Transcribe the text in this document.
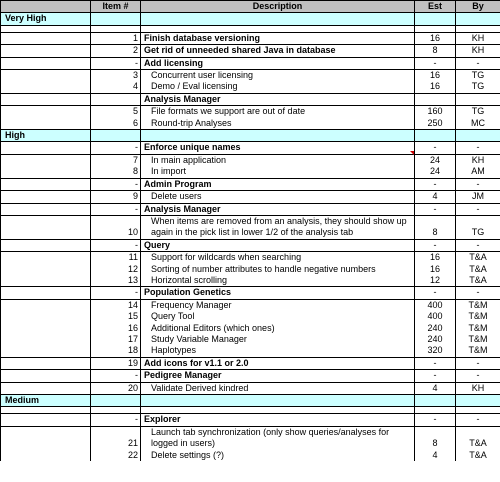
	Item #	Description	Est	By
Very High				

	1	Finish database versioning	16	KH
	2	Get rid of unneeded shared Java in database	8	KH
	-	Add licensing	-	-
	3	Concurrent user licensing	16	TG
	4	Demo / Eval licensing	16	TG
		Analysis Manager		
	5	File formats we support are out of date	160	TG
	6	Round-trip Analyses	250	MC
High				
	-	Enforce unique names	-	-
	7	In main application	24	KH
	8	In import	24	AM
	-	Admin Program	-	-
	9	Delete users	4	JM
	-	Analysis Manager	-	-
	10	When items are removed from an analysis, they should show up again in the pick list in lower 1/2 of the analysis tab	8	TG
	-	Query	-	-
	11	Support for wildcards when searching	16	T&A
	12	Sorting of number attributes to handle negative numbers	16	T&A
	13	Horizontal scrolling	12	T&A
	-	Population Genetics	-	-
	14	Frequency Manager	400	T&M
	15	Query Tool	400	T&M
	16	Additional Editors (which ones)	240	T&M
	17	Study Variable Manager	240	T&M
	18	Haplotypes	320	T&M
	19	Add icons for v1.1 or 2.0	-	-
	-	Pedigree Manager	-	-
	20	Validate Derived kindred	4	KH
Medium				

	-	Explorer	-	-
	21	Launch tab synchronization (only show queries/analyses for logged in users)	8	T&A
	22	Delete settings (?)	4	T&A
